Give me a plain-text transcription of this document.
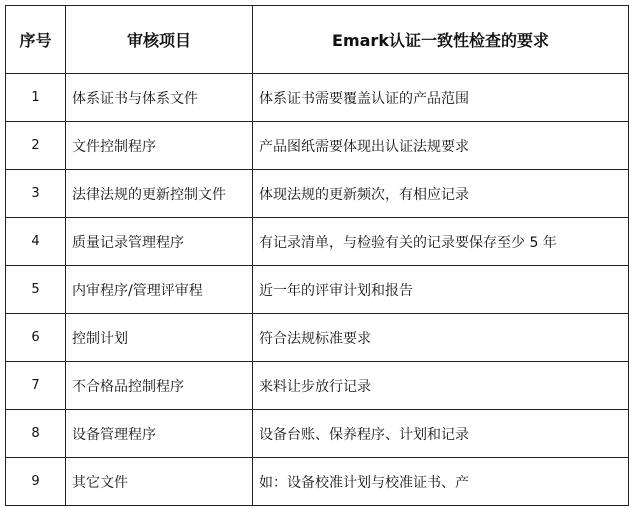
序号	审核项目	Emark认证一致性检查的要求
1	体系证书与体系文件	体系证书需要覆盖认证的产品范围
2	文件控制程序	产品图纸需要体现出认证法规要求
3	法律法规的更新控制文件	体现法规的更新频次，有相应记录
4	质量记录管理程序	有记录清单，与检验有关的记录要保存至少 5 年
5	内审程序/管理评审程	近一年的评审计划和报告
6	控制计划	符合法规标准要求
7	不合格品控制程序	来料让步放行记录
8	设备管理程序	设备台账、保养程序、计划和记录
9	其它文件	如：设备校准计划与校准证书、产
